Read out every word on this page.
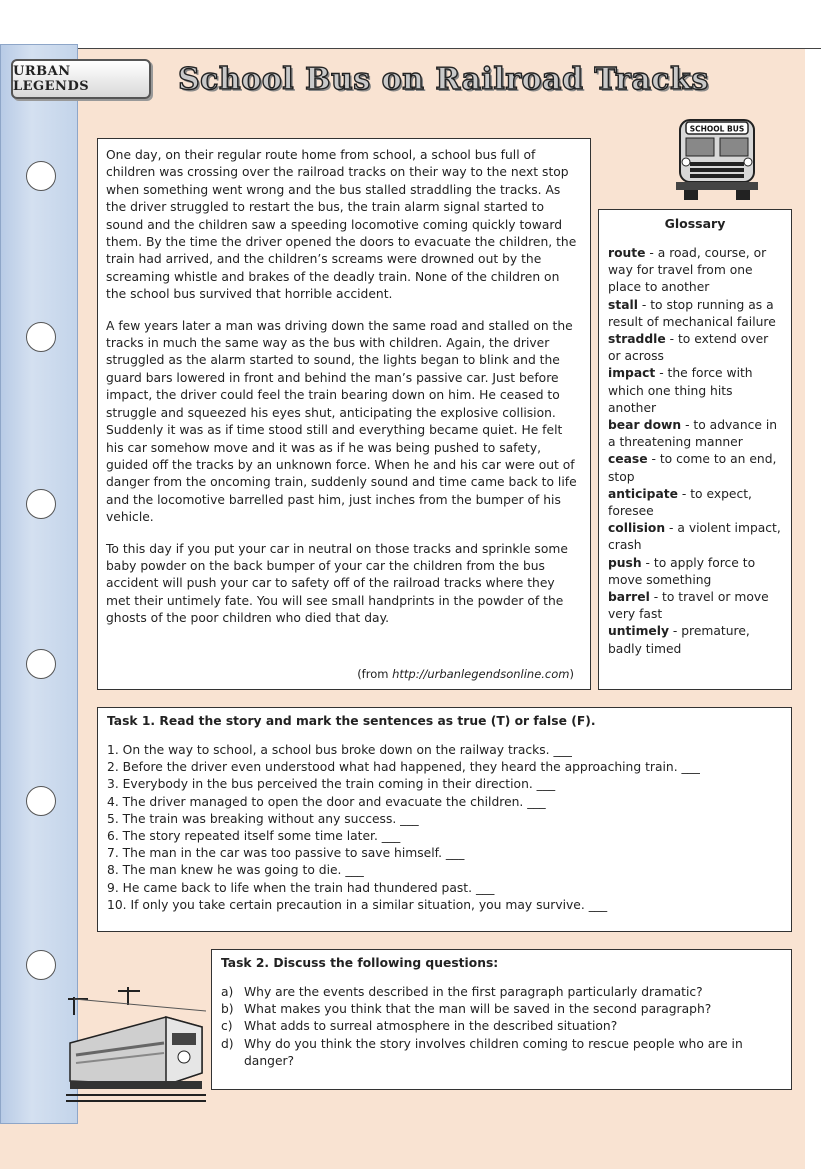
URBAN LEGENDS	School Bus on Railroad Tracks
SCHOOL BUS

One day, on their regular route home from school, a school bus full of children was crossing over the railroad tracks on their way to the next stop when something went wrong and the bus stalled straddling the tracks. As the driver struggled to restart the bus, the train alarm signal started to sound and the children saw a speeding locomotive coming quickly toward them. By the time the driver opened the doors to evacuate the children, the train had arrived, and the children’s screams were drowned out by the screaming whistle and brakes of the deadly train. None of the children on the school bus survived that horrible accident.

A few years later a man was driving down the same road and stalled on the tracks in much the same way as the bus with children. Again, the driver struggled as the alarm started to sound, the lights began to blink and the guard bars lowered in front and behind the man’s passive car. Just before impact, the driver could feel the train bearing down on him. He ceased to struggle and squeezed his eyes shut, anticipating the explosive collision. Suddenly it was as if time stood still and everything became quiet. He felt his car somehow move and it was as if he was being pushed to safety, guided off the tracks by an unknown force. When he and his car were out of danger from the oncoming train, suddenly sound and time came back to life and the locomotive barrelled past him, just inches from the bumper of his vehicle.

To this day if you put your car in neutral on those tracks and sprinkle some baby powder on the back bumper of your car the children from the bus accident will push your car to safety off of the railroad tracks where they met their untimely fate. You will see small handprints in the powder of the ghosts of the poor children who died that day.

(from http://urbanlegendsonline.com)
Glossary

route - a road, course, or way for travel from one place to another

stall - to stop running as a result of mechanical failure

straddle - to extend over or across

impact - the force with which one thing hits another

bear down - to advance in a threatening manner

cease - to come to an end, stop

anticipate - to expect, foresee

collision - a violent impact, crash

push - to apply force to move something

barrel - to travel or move very fast

untimely - premature, badly timed

Task 1. Read the story and mark the sentences as true (T) or false (F).
1. On the way to school, a school bus broke down on the railway tracks. ___
2. Before the driver even understood what had happened, they heard the approaching train. ___
3. Everybody in the bus perceived the train coming in their direction. ___
4. The driver managed to open the door and evacuate the children. ___
5. The train was breaking without any success. ___
6. The story repeated itself some time later. ___
7. The man in the car was too passive to save himself. ___
8. The man knew he was going to die. ___
9. He came back to life when the train had thundered past. ___
10. If only you take certain precaution in a similar situation, you may survive. ___
Task 2. Discuss the following questions:
a) Why are the events described in the first paragraph particularly dramatic?
b) What makes you think that the man will be saved in the second paragraph?
c) What adds to surreal atmosphere in the described situation?
d) Why do you think the story involves children coming to rescue people who are in danger?
